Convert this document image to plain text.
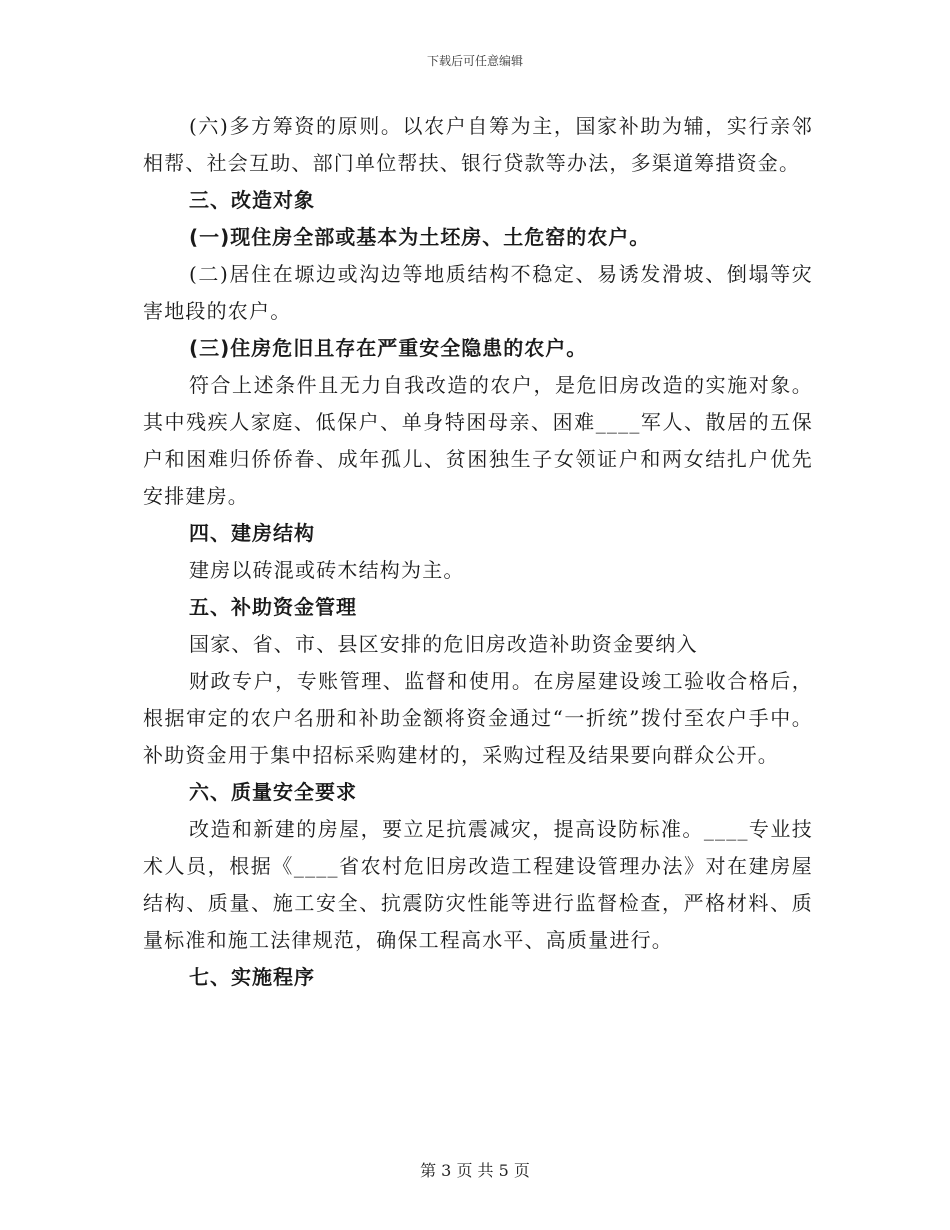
下载后可任意编辑

(六)多方筹资的原则。以农户自筹为主，国家补助为辅，实行亲邻相帮、社会互助、部门单位帮扶、银行贷款等办法，多渠道筹措资金。

三、改造对象

(一)现住房全部或基本为土坯房、土危窑的农户。

(二)居住在塬边或沟边等地质结构不稳定、易诱发滑坡、倒塌等灾害地段的农户。

(三)住房危旧且存在严重安全隐患的农户。

符合上述条件且无力自我改造的农户，是危旧房改造的实施对象。其中残疾人家庭、低保户、单身特困母亲、困难____军人、散居的五保户和困难归侨侨眷、成年孤儿、贫困独生子女领证户和两女结扎户优先安排建房。

四、建房结构

建房以砖混或砖木结构为主。

五、补助资金管理

国家、省、市、县区安排的危旧房改造补助资金要纳入

财政专户，专账管理、监督和使用。在房屋建设竣工验收合格后，根据审定的农户名册和补助金额将资金通过“一折统”拨付至农户手中。补助资金用于集中招标采购建材的，采购过程及结果要向群众公开。

六、质量安全要求

改造和新建的房屋，要立足抗震减灾，提高设防标准。____专业技术人员，根据《____省农村危旧房改造工程建设管理办法》对在建房屋结构、质量、施工安全、抗震防灾性能等进行监督检查，严格材料、质量标准和施工法律规范，确保工程高水平、高质量进行。

七、实施程序

第 3 页 共 5 页
